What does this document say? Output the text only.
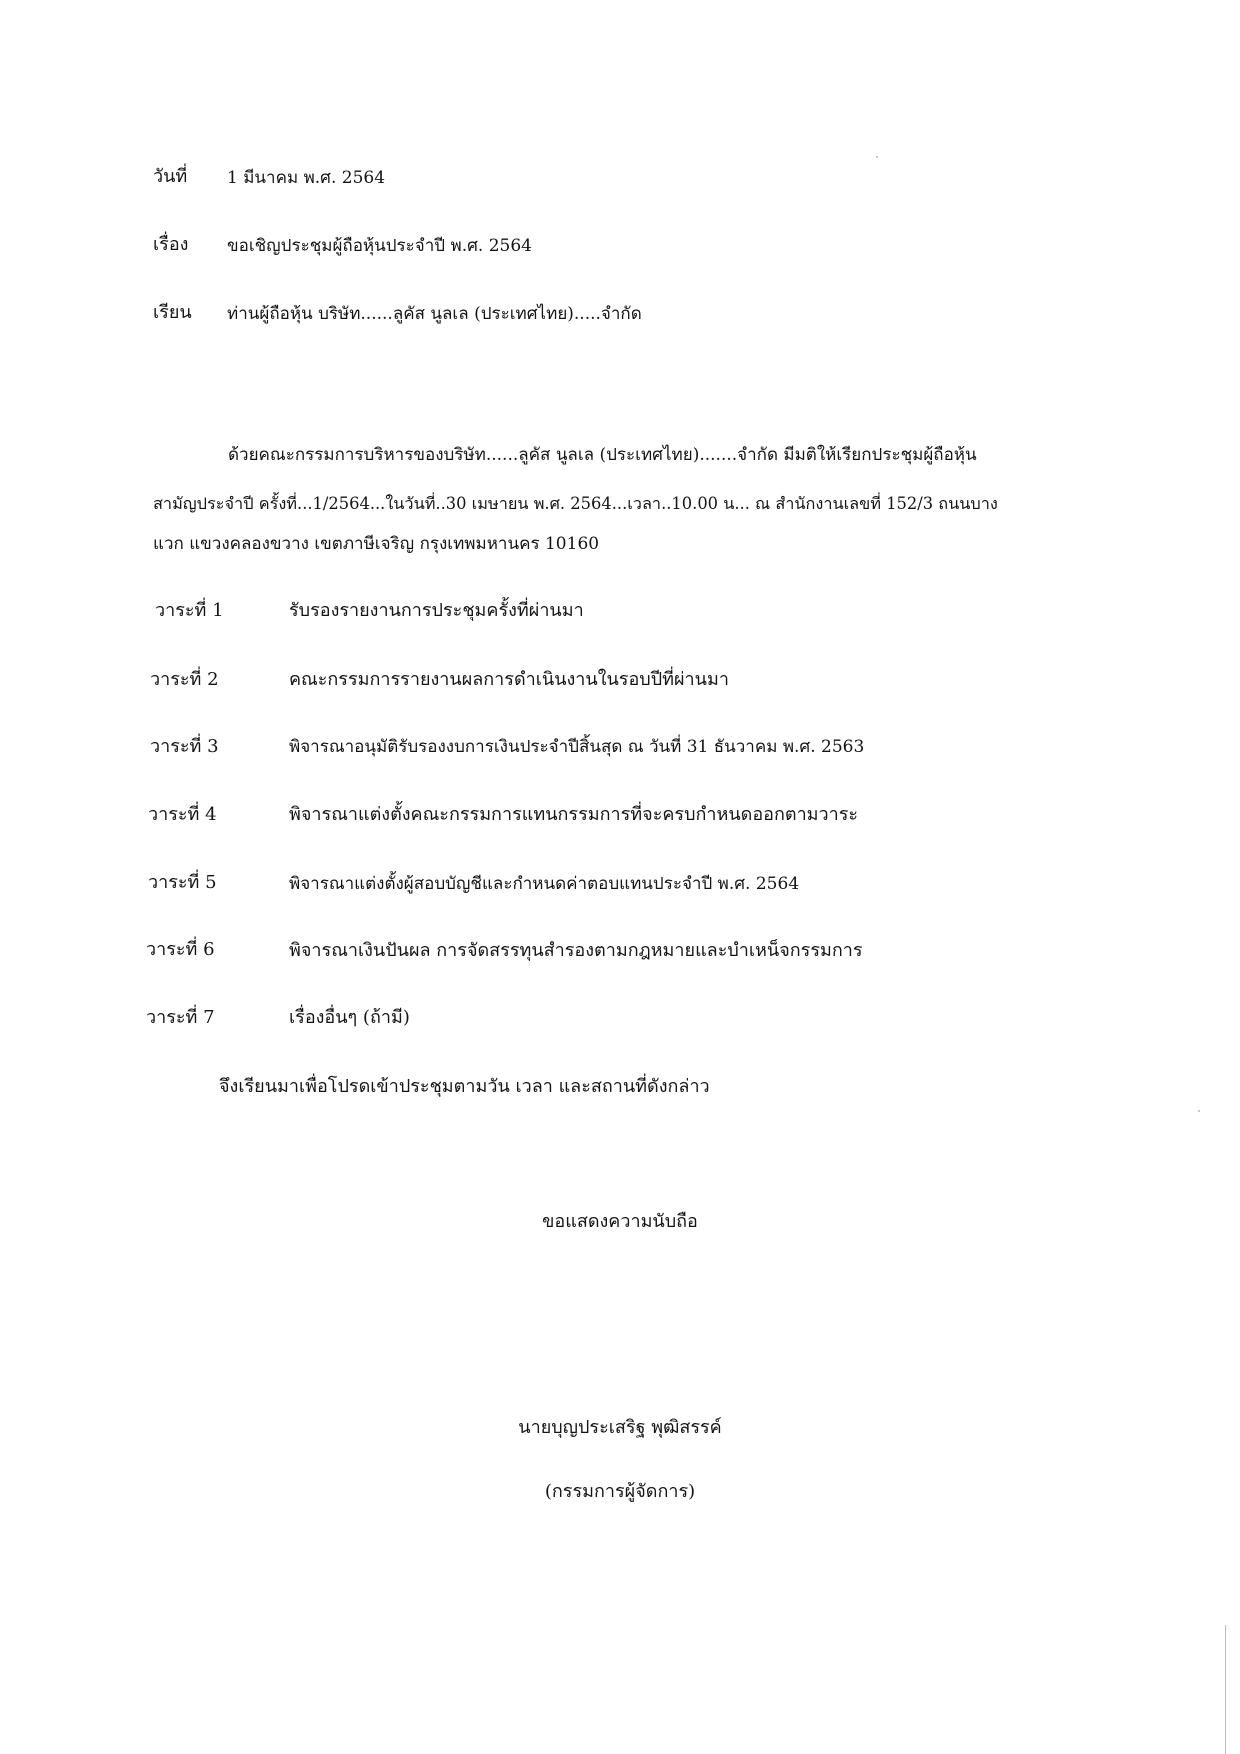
วันที่ 1 มีนาคม พ.ศ. 2564
เรื่อง ขอเชิญประชุมผู้ถือหุ้นประจำปี พ.ศ. 2564
เรียน ท่านผู้ถือหุ้น บริษัท......ลูคัส นูลเล (ประเทศไทย).....จำกัด
ด้วยคณะกรรมการบริหารของบริษัท......ลูคัส นูลเล (ประเทศไทย).......จำกัด มีมติให้เรียกประชุมผู้ถือหุ้น
สามัญประจำปี ครั้งที่...1/2564...ในวันที่..30 เมษายน พ.ศ. 2564...เวลา..10.00 น... ณ สำนักงานเลขที่ 152/3 ถนนบาง
แวก แขวงคลองขวาง เขตภาษีเจริญ กรุงเทพมหานคร 10160
วาระที่ 1	รับรองรายงานการประชุมครั้งที่ผ่านมา
วาระที่ 2	คณะกรรมการรายงานผลการดำเนินงานในรอบปีที่ผ่านมา
วาระที่ 3	พิจารณาอนุมัติรับรองงบการเงินประจำปีสิ้นสุด ณ วันที่ 31 ธันวาคม พ.ศ. 2563
วาระที่ 4	พิจารณาแต่งตั้งคณะกรรมการแทนกรรมการที่จะครบกำหนดออกตามวาระ
วาระที่ 5	พิจารณาแต่งตั้งผู้สอบบัญชีและกำหนดค่าตอบแทนประจำปี พ.ศ. 2564
วาระที่ 6	พิจารณาเงินปันผล การจัดสรรทุนสำรองตามกฎหมายและบำเหน็จกรรมการ
วาระที่ 7	เรื่องอื่นๆ (ถ้ามี)
จึงเรียนมาเพื่อโปรดเข้าประชุมตามวัน เวลา และสถานที่ดังกล่าว
ขอแสดงความนับถือ
นายบุญประเสริฐ พุฒิสรรค์
(กรรมการผู้จัดการ)
